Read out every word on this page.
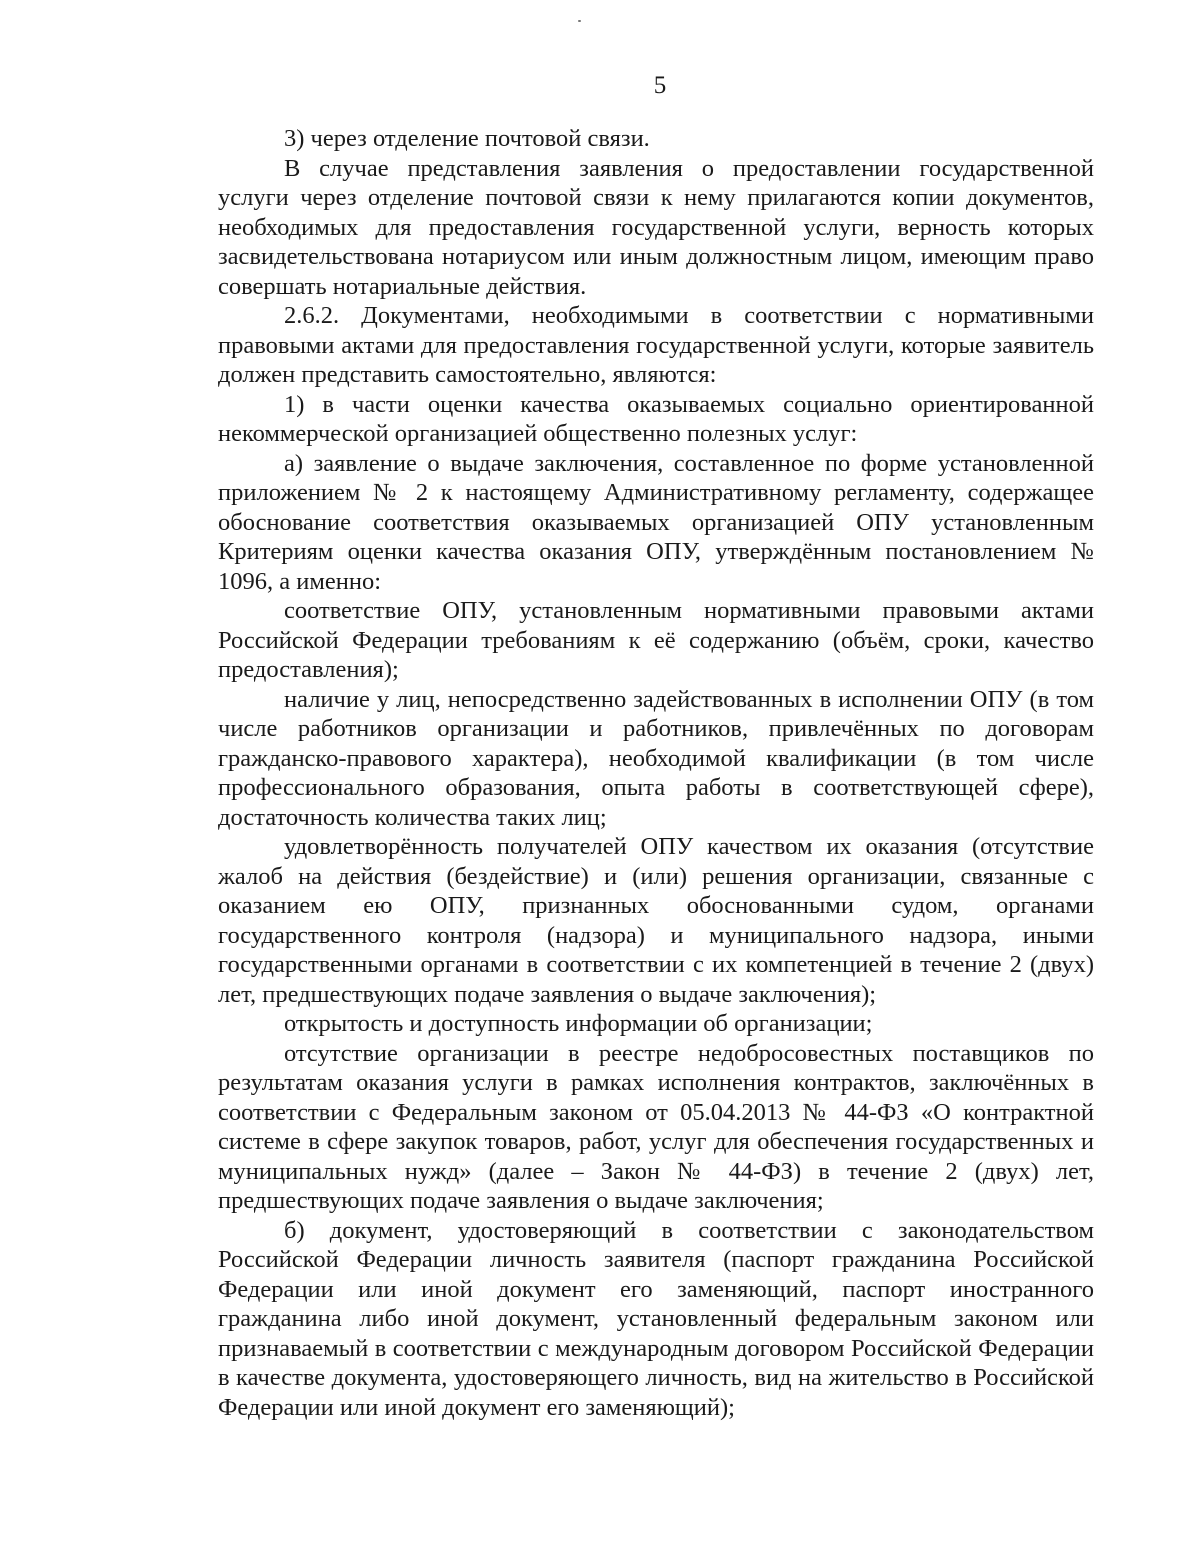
5

3) через отделение почтовой связи.

В случае представления заявления о предоставлении государственной услуги через отделение почтовой связи к нему прилагаются копии документов, необходимых для предоставления государственной услуги, верность которых засвидетельствована нотариусом или иным должностным лицом, имеющим право совершать нотариальные действия.

2.6.2. Документами, необходимыми в соответствии с нормативными правовыми актами для предоставления государственной услуги, которые заявитель должен представить самостоятельно, являются:

1) в части оценки качества оказываемых социально ориентированной некоммерческой организацией общественно полезных услуг:

а) заявление о выдаче заключения, составленное по форме установленной приложением № 2 к настоящему Административному регламенту, содержащее обоснование соответствия оказываемых организацией ОПУ установленным Критериям оценки качества оказания ОПУ, утверждённым постановлением № 1096, а именно:

соответствие ОПУ, установленным нормативными правовыми актами Российской Федерации требованиям к её содержанию (объём, сроки, качество предоставления);

наличие у лиц, непосредственно задействованных в исполнении ОПУ (в том числе работников организации и работников, привлечённых по договорам гражданско-правового характера), необходимой квалификации (в том числе профессионального образования, опыта работы в соответствующей сфере), достаточность количества таких лиц;

удовлетворённость получателей ОПУ качеством их оказания (отсутствие жалоб на действия (бездействие) и (или) решения организации, связанные с оказанием ею ОПУ, признанных обоснованными судом, органами государственного контроля (надзора) и муниципального надзора, иными государственными органами в соответствии с их компетенцией в течение 2 (двух) лет, предшествующих подаче заявления о выдаче заключения);

открытость и доступность информации об организации;

отсутствие организации в реестре недобросовестных поставщиков по результатам оказания услуги в рамках исполнения контрактов, заключённых в соответствии с Федеральным законом от 05.04.2013 № 44-ФЗ «О контрактной системе в сфере закупок товаров, работ, услуг для обеспечения государственных и муниципальных нужд» (далее – Закон № 44-ФЗ) в течение 2 (двух) лет, предшествующих подаче заявления о выдаче заключения;

б) документ, удостоверяющий в соответствии с законодательством Российской Федерации личность заявителя (паспорт гражданина Российской Федерации или иной документ его заменяющий, паспорт иностранного гражданина либо иной документ, установленный федеральным законом или признаваемый в соответствии с международным договором Российской Федерации в качестве документа, удостоверяющего личность, вид на жительство в Российской Федерации или иной документ его заменяющий);
